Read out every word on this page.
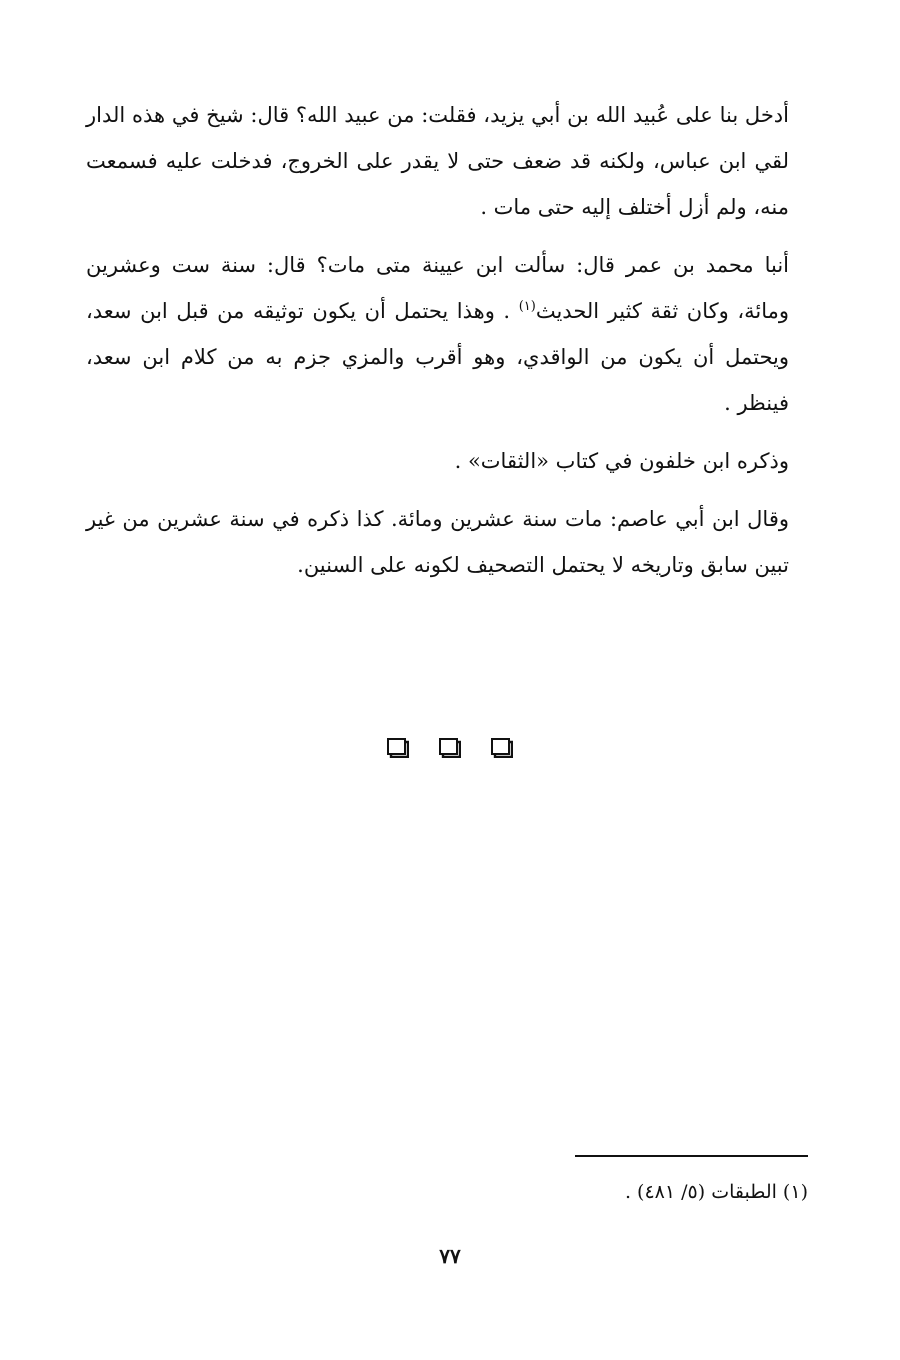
أدخل بنا على عُبيد الله بن أبي يزيد، فقلت: من عبيد الله؟ قال: شيخ في هذه الدار لقي ابن عباس، ولكنه قد ضعف حتى لا يقدر على الخروج، فدخلت عليه فسمعت منه، ولم أزل أختلف إليه حتى مات .

أنبا محمد بن عمر قال: سألت ابن عيينة متى مات؟ قال: سنة ست وعشرين ومائة، وكان ثقة كثير الحديث$^{(١)}$ . وهذا يحتمل أن يكون توثيقه من قبل ابن سعد، ويحتمل أن يكون من الواقدي، وهو أقرب والمزي جزم به من كلام ابن سعد، فينظر .

وذكره ابن خلفون في كتاب «الثقات» .

وقال ابن أبي عاصم: مات سنة عشرين ومائة. كذا ذكره في سنة عشرين من غير تبين سابق وتاريخه لا يحتمل التصحيف لكونه على السنين.

(١) الطبقات (٥/ ٤٨١) .
٧٧
